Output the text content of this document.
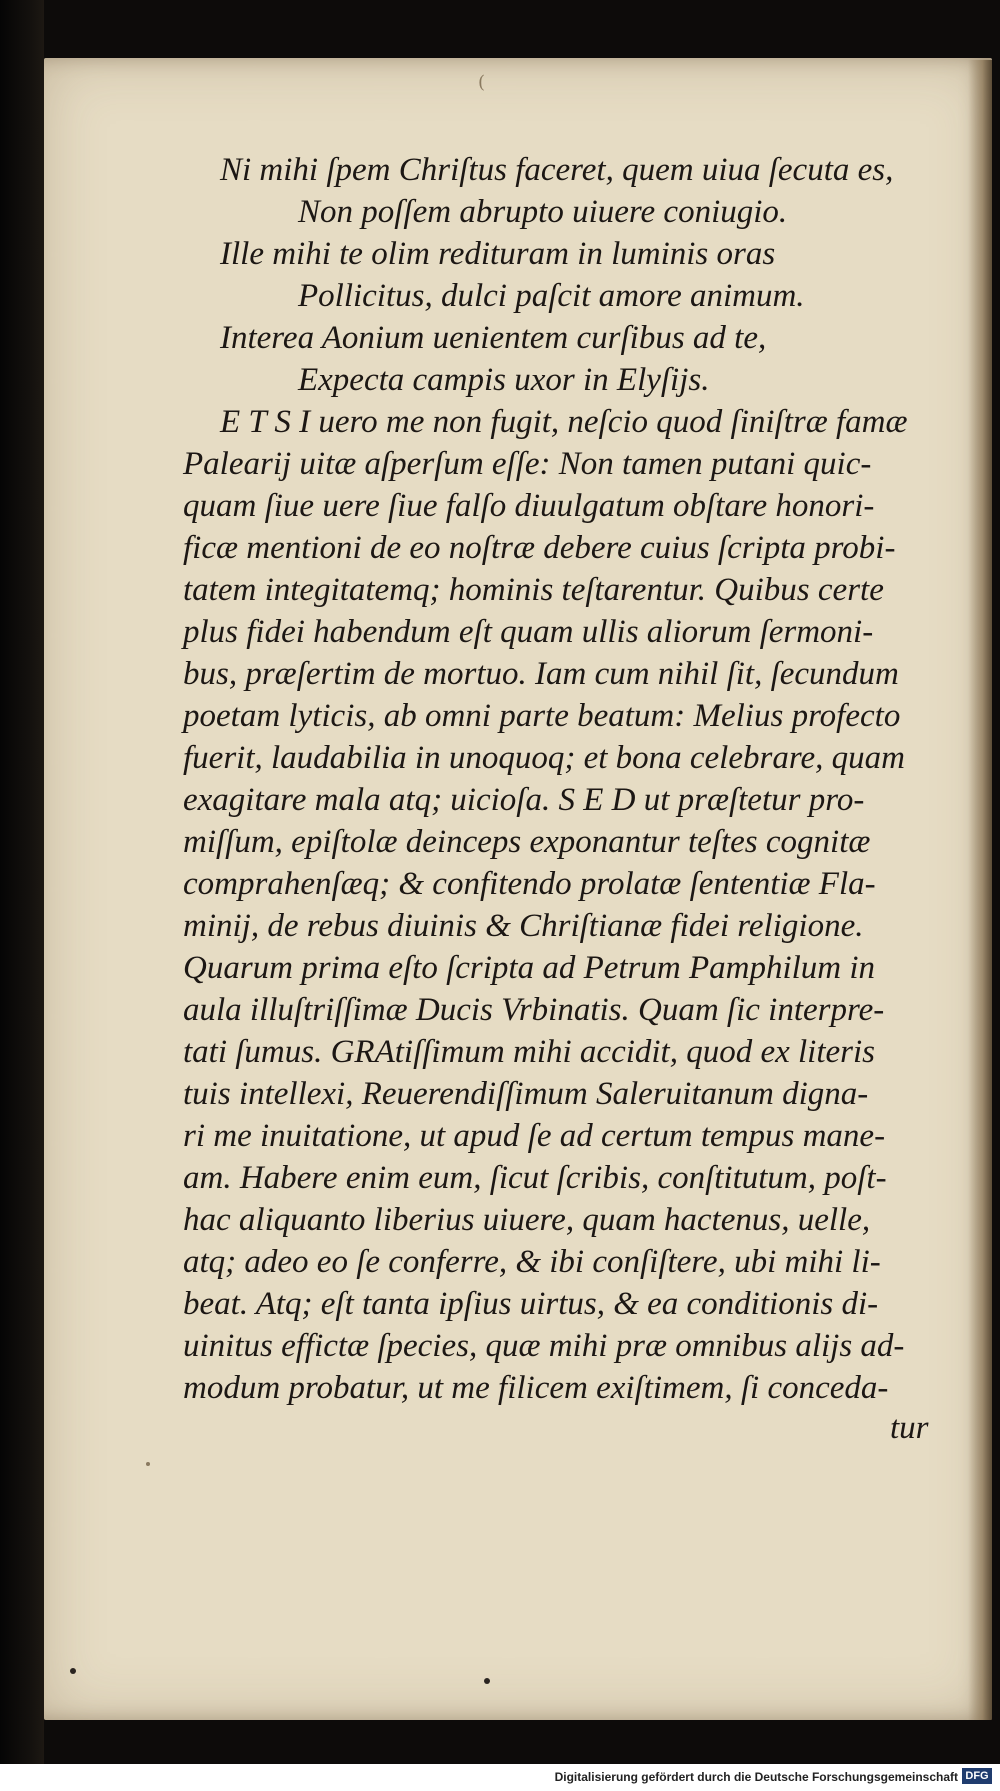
(

Ni mihi ſpem Chriſtus faceret, quem uiua ſecuta es,

Non poſſem abrupto uiuere coniugio.

Ille mihi te olim redituram in luminis oras

Pollicitus, dulci paſcit amore animum.

Interea Aonium uenientem curſibus ad te,

Expecta campis uxor in Elyſijs.

E T S I uero me non fugit, neſcio quod ſiniſtræ famæ

Palearij uitæ aſperſum eſſe: Non tamen putani quic-

quam ſiue uere ſiue falſo diuulgatum obſtare honori-

ficæ mentioni de eo noſtræ debere cuius ſcripta probi-

tatem integitatemq; hominis teſtarentur. Quibus certe

plus fidei habendum eſt quam ullis aliorum ſermoni-

bus, præſertim de mortuo. Iam cum nihil ſit, ſecundum

poetam lyticis, ab omni parte beatum: Melius profecto

fuerit, laudabilia in unoquoq; et bona celebrare, quam

exagitare mala atq; uicioſa. S E D ut præſtetur pro-

miſſum, epiſtolæ deinceps exponantur teſtes cognitæ

comprahenſæq; & confitendo prolatæ ſententiæ Fla-

minij, de rebus diuinis & Chriſtianæ fidei religione.

Quarum prima eſto ſcripta ad Petrum Pamphilum in

aula illuſtriſſimæ Ducis Vrbinatis. Quam ſic interpre-

tati ſumus. GRAtiſſimum mihi accidit, quod ex literis

tuis intellexi, Reuerendiſſimum Saleruitanum digna-

ri me inuitatione, ut apud ſe ad certum tempus mane-

am. Habere enim eum, ſicut ſcribis, conſtitutum, poſt-

hac aliquanto liberius uiuere, quam hactenus, uelle,

atq; adeo eo ſe conferre, & ibi conſiſtere, ubi mihi li-

beat. Atq; eſt tanta ipſius uirtus, & ea conditionis di-

uinitus effictæ ſpecies, quæ mihi præ omnibus alijs ad-

modum probatur, ut me filicem exiſtimem, ſi conceda-

tur
Digitalisierung gefördert durch die Deutsche Forschungsgemeinschaft DFG
